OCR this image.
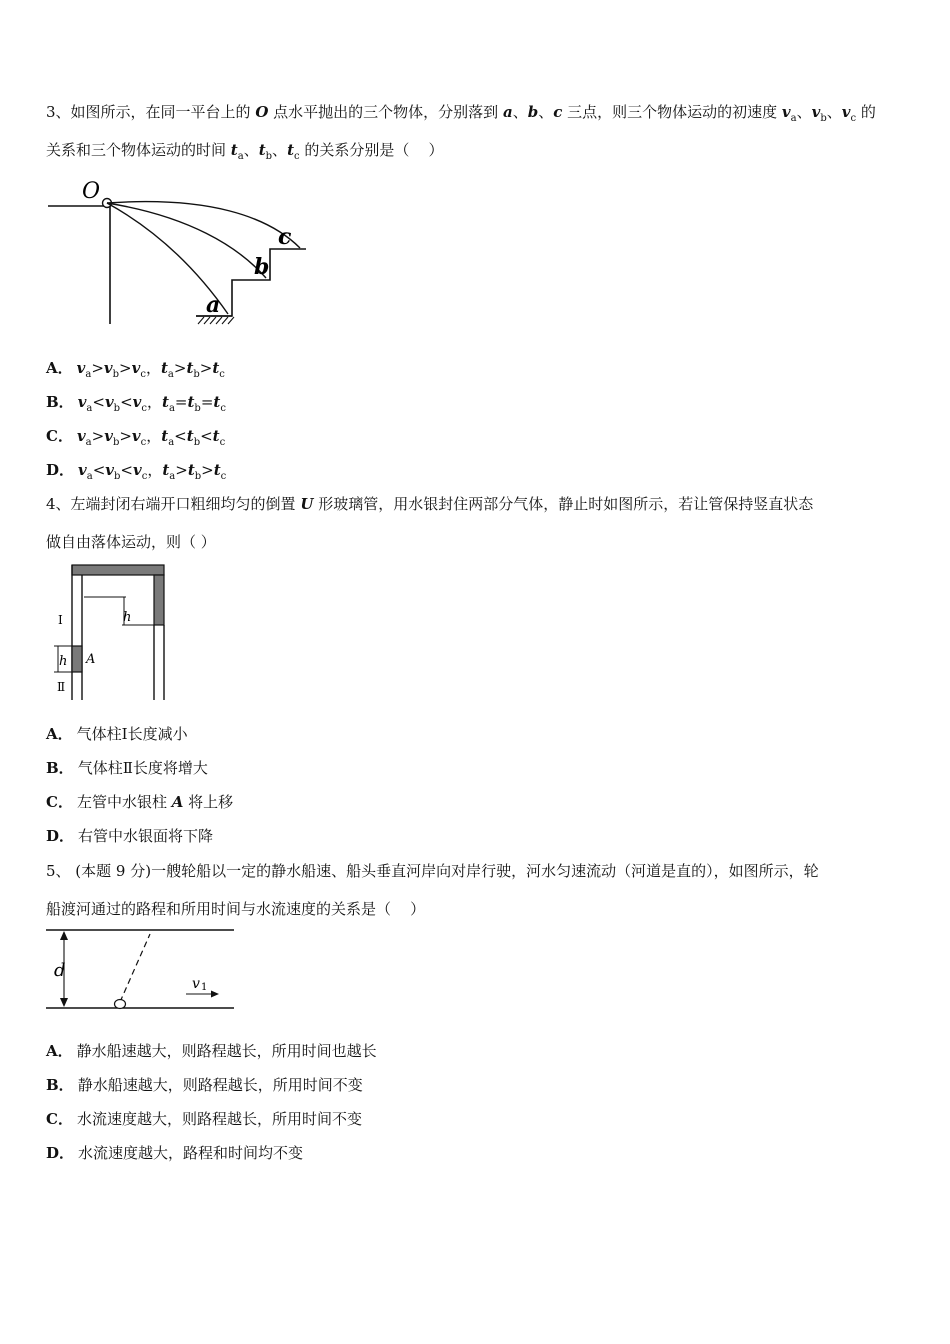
3、如图所示，在同一平台上的 O 点水平抛出的三个物体，分别落到 a、b、c 三点，则三个物体运动的初速度 $v_a$、$v_b$、$v_c$ 的
关系和三个物体运动的时间 $t_a$、$t_b$、$t_c$ 的关系分别是（    ）
O
a
b
c
A． $v_a>v_b>v_c$，$t_a>t_b>t_c$
B． $v_a<v_b<v_c$，$t_a=t_b=t_c$
C． $v_a>v_b>v_c$，$t_a<t_b<t_c$
D． $v_a<v_b<v_c$，$t_a>t_b>t_c$
4、左端封闭右端开口粗细均匀的倒置 U 形玻璃管，用水银封住两部分气体，静止时如图所示，若让管保持竖直状态
做自由落体运动，则（ ）
Ⅰ
Ⅱ
h
h
A
A． 气体柱Ⅰ长度减小
B． 气体柱Ⅱ长度将增大
C． 左管中水银柱 A 将上移
D． 右管中水银面将下降
5、 (本题 9 分)一艘轮船以一定的静水船速、船头垂直河岸向对岸行驶，河水匀速流动（河道是直的），如图所示，轮
船渡河通过的路程和所用时间与水流速度的关系是（    ）
d
v 1
A． 静水船速越大，则路程越长，所用时间也越长
B． 静水船速越大，则路程越长，所用时间不变
C． 水流速度越大，则路程越长，所用时间不变
D． 水流速度越大，路程和时间均不变
